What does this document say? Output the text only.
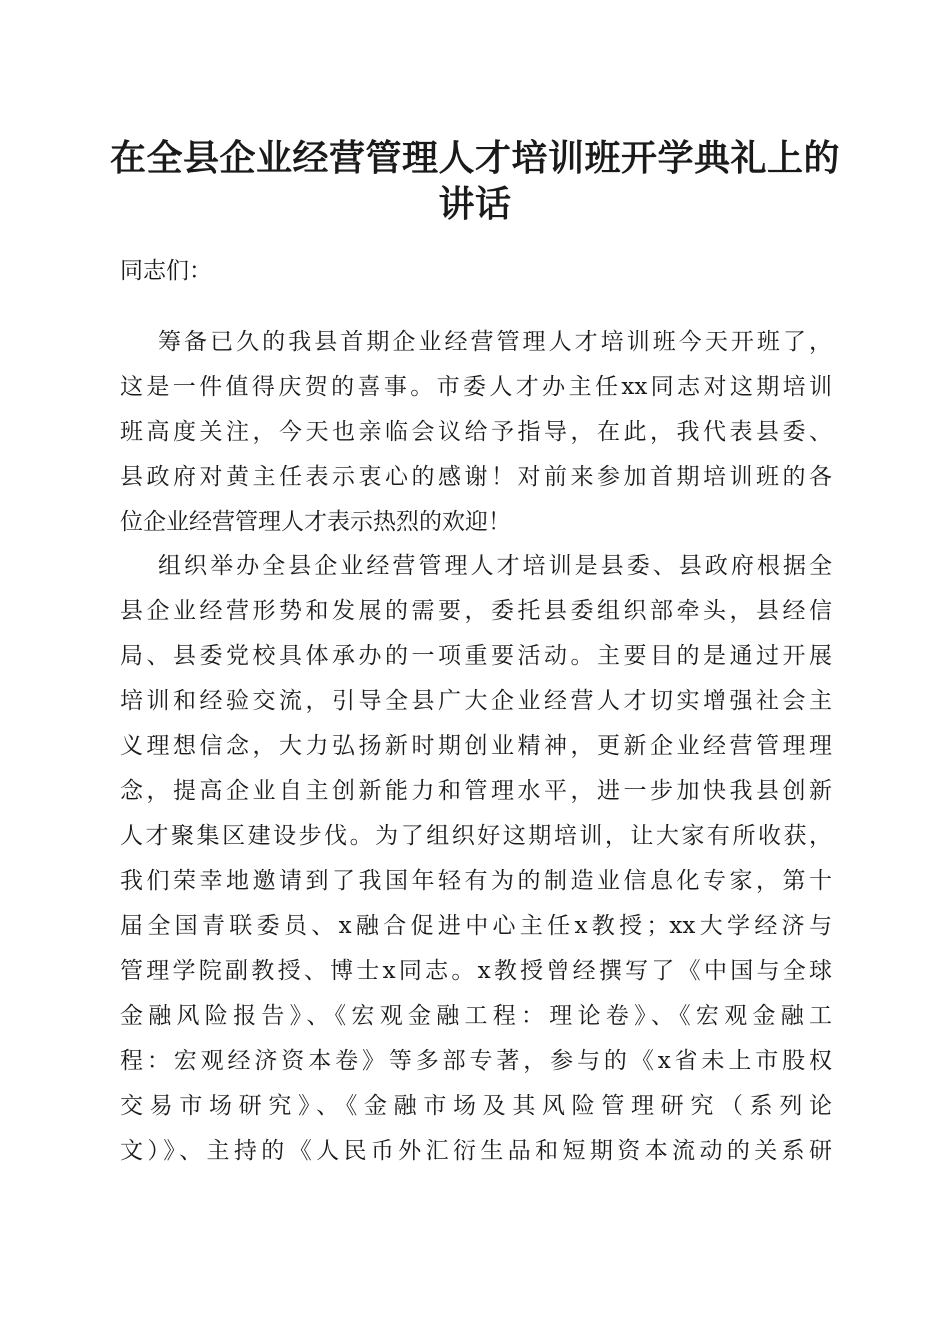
在全县企业经营管理人才培训班开学典礼上的
讲话

同志们：

筹备已久的我县首期企业经营管理人才培训班今天开班了，

这是一件值得庆贺的喜事。市委人才办主任xx同志对这期培训

班高度关注，今天也亲临会议给予指导，在此，我代表县委、

县政府对黄主任表示衷心的感谢！对前来参加首期培训班的各

位企业经营管理人才表示热烈的欢迎！

组织举办全县企业经营管理人才培训是县委、县政府根据全

县企业经营形势和发展的需要，委托县委组织部牵头，县经信

局、县委党校具体承办的一项重要活动。主要目的是通过开展

培训和经验交流，引导全县广大企业经营人才切实增强社会主

义理想信念，大力弘扬新时期创业精神，更新企业经营管理理

念，提高企业自主创新能力和管理水平，进一步加快我县创新

人才聚集区建设步伐。为了组织好这期培训，让大家有所收获，

我们荣幸地邀请到了我国年轻有为的制造业信息化专家，第十

届全国青联委员、x融合促进中心主任x教授；xx大学经济与

管理学院副教授、博士x同志。x教授曾经撰写了《中国与全球

金融风险报告》、《宏观金融工程：理论卷》、《宏观金融工

程：宏观经济资本卷》等多部专著，参与的《x省未上市股权

交易市场研究》、《金融市场及其风险管理研究（系列论

文）》、主持的《人民币外汇衍生品和短期资本流动的关系研
